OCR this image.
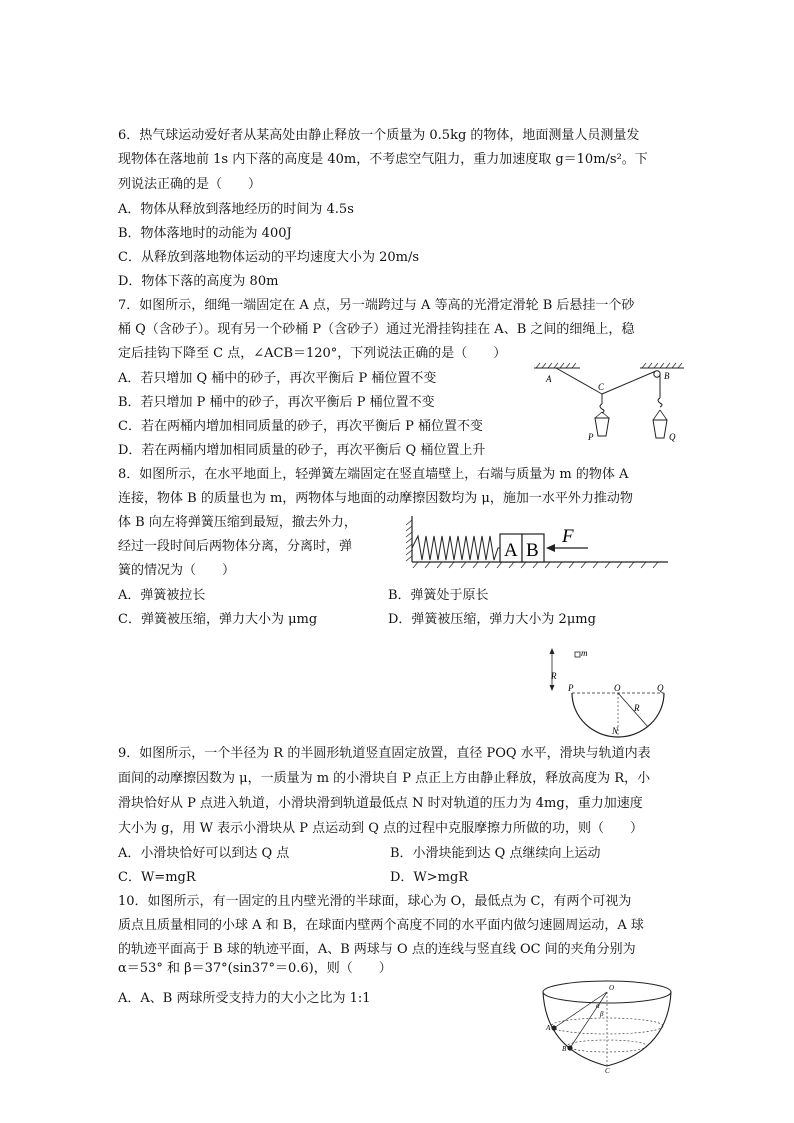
6．热气球运动爱好者从某高处由静止释放一个质量为 0.5kg 的物体，地面测量人员测量发
现物体在落地前 1s 内下落的高度是 40m，不考虑空气阻力，重力加速度取 g＝10m/s²。下
列说法正确的是（　　）
A．物体从释放到落地经历的时间为 4.5s
B．物体落地时的动能为 400J
C．从释放到落地物体运动的平均速度大小为 20m/s
D．物体下落的高度为 80m
7．如图所示，细绳一端固定在 A 点，另一端跨过与 A 等高的光滑定滑轮 B 后悬挂一个砂
桶 Q（含砂子）。现有另一个砂桶 P（含砂子）通过光滑挂钩挂在 A、B 之间的细绳上，稳
定后挂钩下降至 C 点，∠ACB＝120°，下列说法正确的是（　　）
A．若只增加 Q 桶中的砂子，再次平衡后 P 桶位置不变
B．若只增加 P 桶中的砂子，再次平衡后 P 桶位置不变
C．若在两桶内增加相同质量的砂子，再次平衡后 P 桶位置不变
D．若在两桶内增加相同质量的砂子，再次平衡后 Q 桶位置上升
A	B
C
P	Q
8．如图所示，在水平地面上，轻弹簧左端固定在竖直墙壁上，右端与质量为 m 的物体 A
连接，物体 B 的质量也为 m，两物体与地面的动摩擦因数均为 μ，施加一水平外力推动物
体 B 向左将弹簧压缩到最短，撤去外力，
经过一段时间后两物体分离，分离时，弹
簧的情况为（　　）
A．弹簧被拉长	B．弹簧处于原长
C．弹簧被压缩，弹力大小为 μmg	D．弹簧被压缩，弹力大小为 2μmg
A B
F
R
m
P	O	Q
R
N
9．如图所示，一个半径为 R 的半圆形轨道竖直固定放置，直径 POQ 水平，滑块与轨道内表
面间的动摩擦因数为 μ，一质量为 m 的小滑块自 P 点正上方由静止释放，释放高度为 R，小
滑块恰好从 P 点进入轨道，小滑块滑到轨道最低点 N 时对轨道的压力为 4mg，重力加速度
大小为 g，用 W 表示小滑块从 P 点运动到 Q 点的过程中克服摩擦力所做的功，则（　　）
A．小滑块恰好可以到达 Q 点	B．小滑块能到达 Q 点继续向上运动
C．W=mgR	D．W>mgR
10．如图所示，有一固定的且内壁光滑的半球面，球心为 O，最低点为 C，有两个可视为
质点且质量相同的小球 A 和 B，在球面内壁两个高度不同的水平面内做匀速圆周运动，A 球
的轨迹平面高于 B 球的轨迹平面，A、B 两球与 O 点的连线与竖直线 OC 间的夹角分别为
α＝53° 和 β＝37°(sin37°＝0.6)，则（　　）
A．A、B 两球所受支持力的大小之比为 1:1
O
α
β
A
B
C
